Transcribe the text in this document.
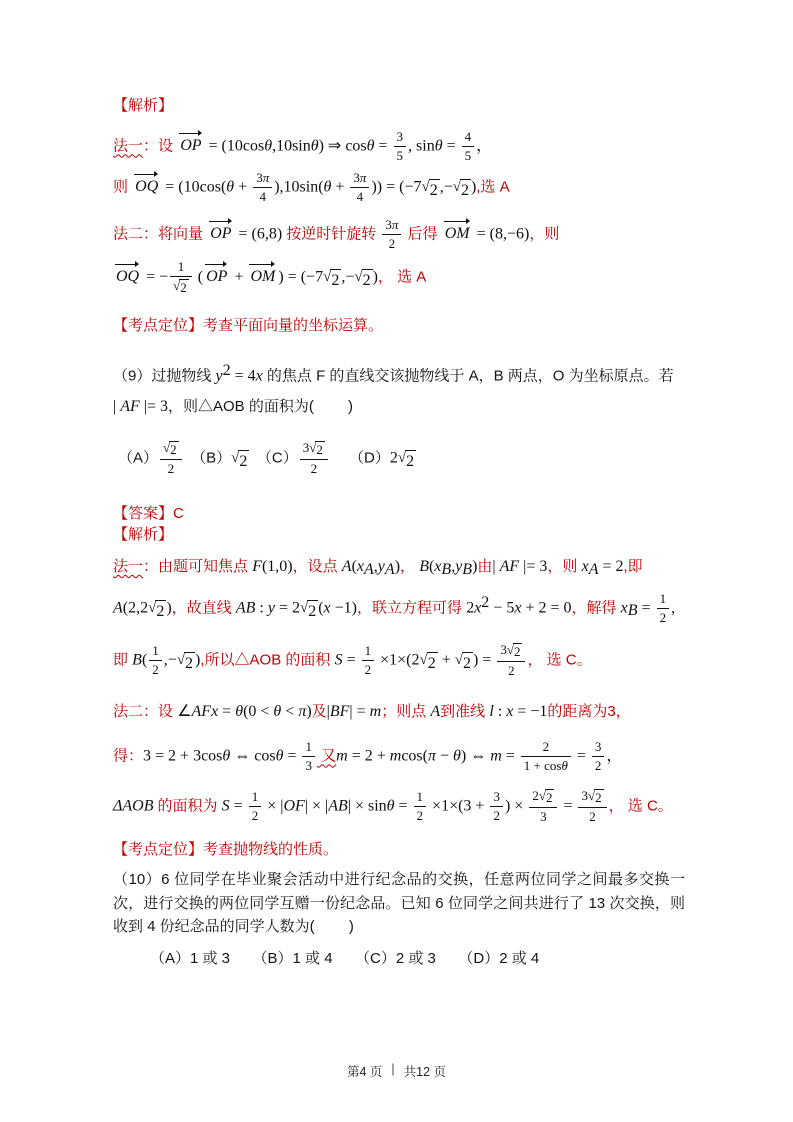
【解析】
法一：设 OP = (10cosθ,10sinθ) ⇒ $\cos\theta = \frac{3}{5}$ , $\sin\theta = \frac{4}{5}$ ，
则 OQ = ($10\cos(\theta + \frac{3\pi}{4} ),10\sin(\theta + \frac{3\pi}{4}$ )) = (−7 √ 2 ,− √ 2 ),选 A
法二：将向量 OP = (6,8) 按逆时针旋转 $\frac{3\pi}{2}$ 后得 OM = (8,−6)，则
OQ = − 1
√ 2 ( OP + OM ) = (−7 √ 2 ,− √ 2 )， 选 A
【考点定位】考查平面向量的坐标运算。
（9）过抛物线 $y^2 = 4x$ 的焦点 F 的直线交该抛物线于 A，B 两点，O 为坐标原点。若
| AF |= 3，则△AOB 的面积为(　　 )
（A） √ $\frac{2}{2}$ 　（B） √ 2 　$(C) \frac{3 √ 2}{2}$ 　 （D）2 √ 2
【答案】C
【解析】
法一：由题可知焦点 F(1,0)，设点 $A(x_A,y_A)$， $B(x_B,y_B)$由| AF |= 3，则 $x_A = 2$,即
A(2,2 √ 2 )，故直线 AB : y = 2 √ 2 (x −1)，联立方程可得 $2x^2 - 5x + 2 = 0$，解得 $x_B = \frac{1}{2}$ ,
即 $B( \frac{1}{2}$ ,− √ 2 ),所以△AOB 的面积 $S = \frac{1}{2} \times 1\times(2$ √ 2 + √ 2 ) = $\frac{3 √ 2}{2}$ ， 选 C。
法二：设 ∠AFx = θ(0 < θ < π)及|BF| = m；则点 A到准线 l : x = −1的距离为3，
得：3 = 2 + 3cosθ ⇔ $\cos\theta = \frac{1}{3}$ 又m = 2 + mcos(π − θ) ⇔ $m = \frac{2}{1 + \cos\theta} = \frac{3}{2}$ ，
ΔAOB 的面积为 $S = \frac{1}{2} \times |OF| \times |AB| \times \sin\theta = \frac{1}{2} \times 1\times(3 + \frac{3}{2}$ ) × $\frac{2 √ 2}{3} = \frac{3 √ 2}{2}$ ， 选 C。
【考点定位】考查抛物线的性质。
（10）6 位同学在毕业聚会活动中进行纪念品的交换，任意两位同学之间最多交换一次，进行交换的两位同学互赠一份纪念品。已知 6 位同学之间共进行了 13 次交换，则收到 4 份纪念品的同学人数为(　　 )
（A）1 或 3　　（B）1 或 4　　（C）2 或 3　　（D）2 或 4
第4 页 | 共12 页
